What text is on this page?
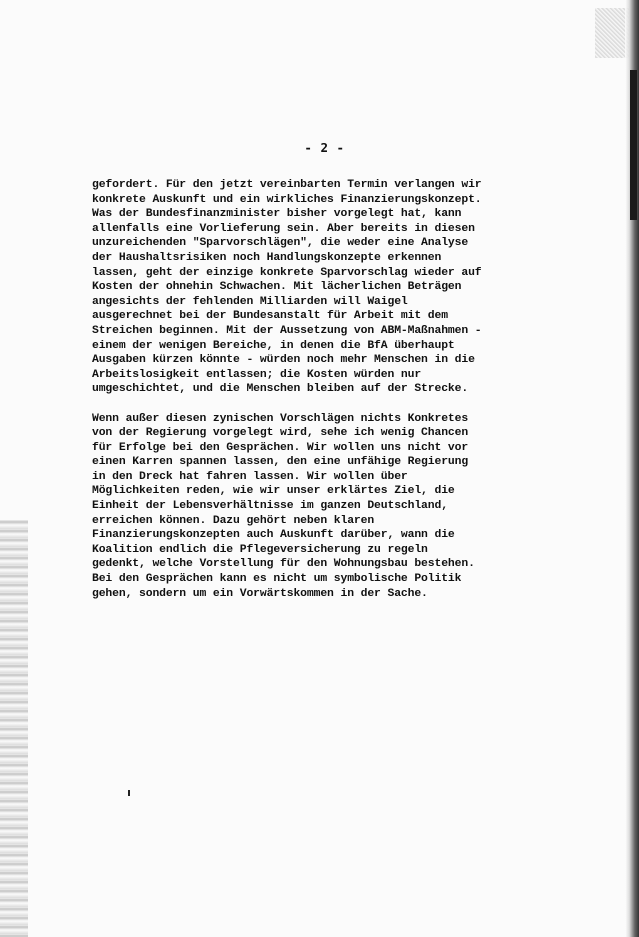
- 2 -

gefordert. Für den jetzt vereinbarten Termin verlangen wir
konkrete Auskunft und ein wirkliches Finanzierungskonzept.
Was der Bundesfinanzminister bisher vorgelegt hat, kann
allenfalls eine Vorlieferung sein. Aber bereits in diesen
unzureichenden "Sparvorschlägen", die weder eine Analyse
der Haushaltsrisiken noch Handlungskonzepte erkennen
lassen, geht der einzige konkrete Sparvorschlag wieder auf
Kosten der ohnehin Schwachen. Mit lächerlichen Beträgen
angesichts der fehlenden Milliarden will Waigel
ausgerechnet bei der Bundesanstalt für Arbeit mit dem
Streichen beginnen. Mit der Aussetzung von ABM-Maßnahmen -
einem der wenigen Bereiche, in denen die BfA überhaupt
Ausgaben kürzen könnte - würden noch mehr Menschen in die
Arbeitslosigkeit entlassen; die Kosten würden nur
umgeschichtet, und die Menschen bleiben auf der Strecke.

Wenn außer diesen zynischen Vorschlägen nichts Konkretes
von der Regierung vorgelegt wird, sehe ich wenig Chancen
für Erfolge bei den Gesprächen. Wir wollen uns nicht vor
einen Karren spannen lassen, den eine unfähige Regierung
in den Dreck hat fahren lassen. Wir wollen über
Möglichkeiten reden, wie wir unser erklärtes Ziel, die
Einheit der Lebensverhältnisse im ganzen Deutschland,
erreichen können. Dazu gehört neben klaren
Finanzierungskonzepten auch Auskunft darüber, wann die
Koalition endlich die Pflegeversicherung zu regeln
gedenkt, welche Vorstellung für den Wohnungsbau bestehen.
Bei den Gesprächen kann es nicht um symbolische Politik
gehen, sondern um ein Vorwärtskommen in der Sache.
